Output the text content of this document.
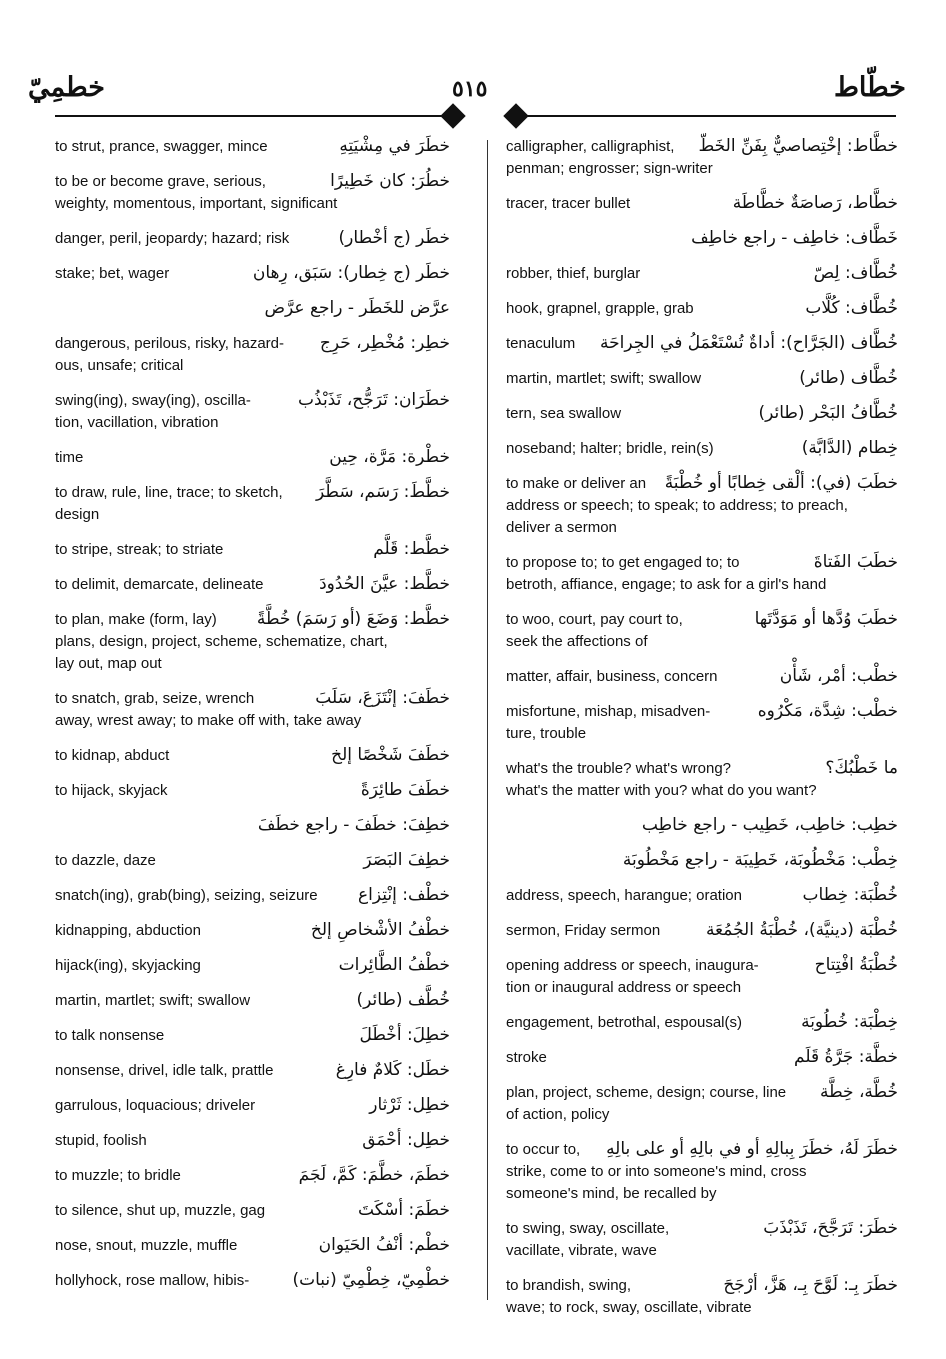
خطمِيّ	٥١٥	خطّاط
خطَرَ في مِشْيَتِهِ
to strut, prance, swagger, mince
خطُرَ: كان خَطِيرًا
to be or become grave, serious,
weighty, momentous, important, significant
خطَر (ج أخْطار)
danger, peril, jeopardy; hazard; risk
خطَر (ج خِطار): سَبَق، رِهان
stake; bet, wager
عرَّض للخَطَر - راجع عرَّض

خطِر: مُخْطِر، حَرِج
dangerous, perilous, risky, hazard-
ous, unsafe; critical
خطَرَان: تَرَجُّح، تَذَبْذُب
swing(ing), sway(ing), oscilla-
tion, vacillation, vibration
خطْرة: مَرَّة، حِين
time
خطَّطَ: رَسَم، سَطَّرَ
to draw, rule, line, trace; to sketch,
design
خطَّط: قَلَّم
to stripe, streak; to striate
خطَّط: عيَّنَ الحُدُودَ
to delimit, demarcate, delineate
خطَّط: وَضَعَ (أو رَسَمَ) خُطَّةً
to plan, make (form, lay)
plans, design, project, scheme, schematize, chart,
lay out, map out
خطَفَ: إنْتَزَعَ، سَلَبَ
to snatch, grab, seize, wrench
away, wrest away; to make off with, take away
خطَفَ شَخْصًا إلخ
to kidnap, abduct
خطَفَ طائِرَةً
to hijack, skyjack
خطِفَ: خطَفَ - راجع خطَفَ

خطِفَ البَصَرَ
to dazzle, daze
خطْف: إنْتِزاع
snatch(ing), grab(bing), seizing, seizure
خطْفُ الأشْخاصِ إلخ
kidnapping, abduction
خطْفُ الطَّائِرات
hijack(ing), skyjacking
خُطَّف (طائر)
martin, martlet; swift; swallow
خطِلَ: أخْطَلَ
to talk nonsense
خطَل: كَلامٌ فارِغ
nonsense, drivel, idle talk, prattle
خطِل: ثَرْثار
garrulous, loquacious; driveler
خطِل: أحْمَق
stupid, foolish
خطَمَ، خطَّمَ: كَمَّ، لَجَمَ
to muzzle; to bridle
خطَمَ: أسْكَتَ
to silence, shut up, muzzle, gag
خطْم: أنْفُ الحَيَوان
nose, snout, muzzle, muffle
خطْمِيّ، خِطْمِيّ (نبات)
hollyhock, rose mallow, hibis-
خطَّاط: إخْتِصاصيٌّ بِفَنِّ الخَطّ
calligrapher, calligraphist,
penman; engrosser; sign-writer
خطَّاط، رَصاصَةٌ خطَّاطَة
tracer, tracer bullet
خَطَّاف: خاطِف - راجع خاطِف

خُطَّاف: لِصّ
robber, thief, burglar
خُطَّاف: كُلَّاب
hook, grapnel, grapple, grab
خُطَّاف (الجَرَّاح): أداةٌ تُسْتَعْمَلُ في الجِراحَة
tenaculum
خُطَّاف (طائر)
martin, martlet; swift; swallow
خُطَّافُ البَحْر (طائر)
tern, sea swallow
خِطام (الدَّابَّة)
noseband; halter; bridle, rein(s)
خطَبَ (في): ألْقى خِطابًا أو خُطْبَةً
to make or deliver an
address or speech; to speak; to address; to preach,
deliver a sermon
خطَبَ الفَتاةَ
to propose to; to get engaged to; to
betroth, affiance, engage; to ask for a girl's hand
خطَبَ وُدَّها أو مَوَدَّتَها
to woo, court, pay court to,
seek the affections of
خطْب: أمْر، شَأْن
matter, affair, business, concern
خطْب: شِدَّة، مَكْرُوه
misfortune, mishap, misadven-
ture, trouble
ما خَطْبُكَ؟
what's the trouble? what's wrong?
what's the matter with you? what do you want?
خطِب: خاطِب، خَطِيب - راجع خاطِب

خِطْب: مَخْطُوبَة، خَطِيبَة - راجع مَخْطُوبَة

خُطْبَة: خِطاب
address, speech, harangue; oration
خُطْبَة (دينيَّة)، خُطْبَةُ الجُمُعَة
sermon, Friday sermon
خُطْبَةُ افْتِتاح
opening address or speech, inaugura-
tion or inaugural address or speech
خِطْبَة: خُطُوبَة
engagement, betrothal, espousal(s)
خطَّة: جَرَّةُ قَلَم
stroke
خُطَّة، خِطَّة
plan, project, scheme, design; course, line
of action, policy
خطَرَ لَهُ، خطَرَ بِبالِهِ أو في بالِهِ أو على بالِهِ
to occur to,
strike, come to or into someone's mind, cross
someone's mind, be recalled by
خطَرَ: تَرَجَّحَ، تَذَبْذَبَ
to swing, sway, oscillate,
vacillate, vibrate, wave
خطَرَ بِـ: لَوَّحَ بِـ، هَزَّ، أرْجَحَ
to brandish, swing,
wave; to rock, sway, oscillate, vibrate
